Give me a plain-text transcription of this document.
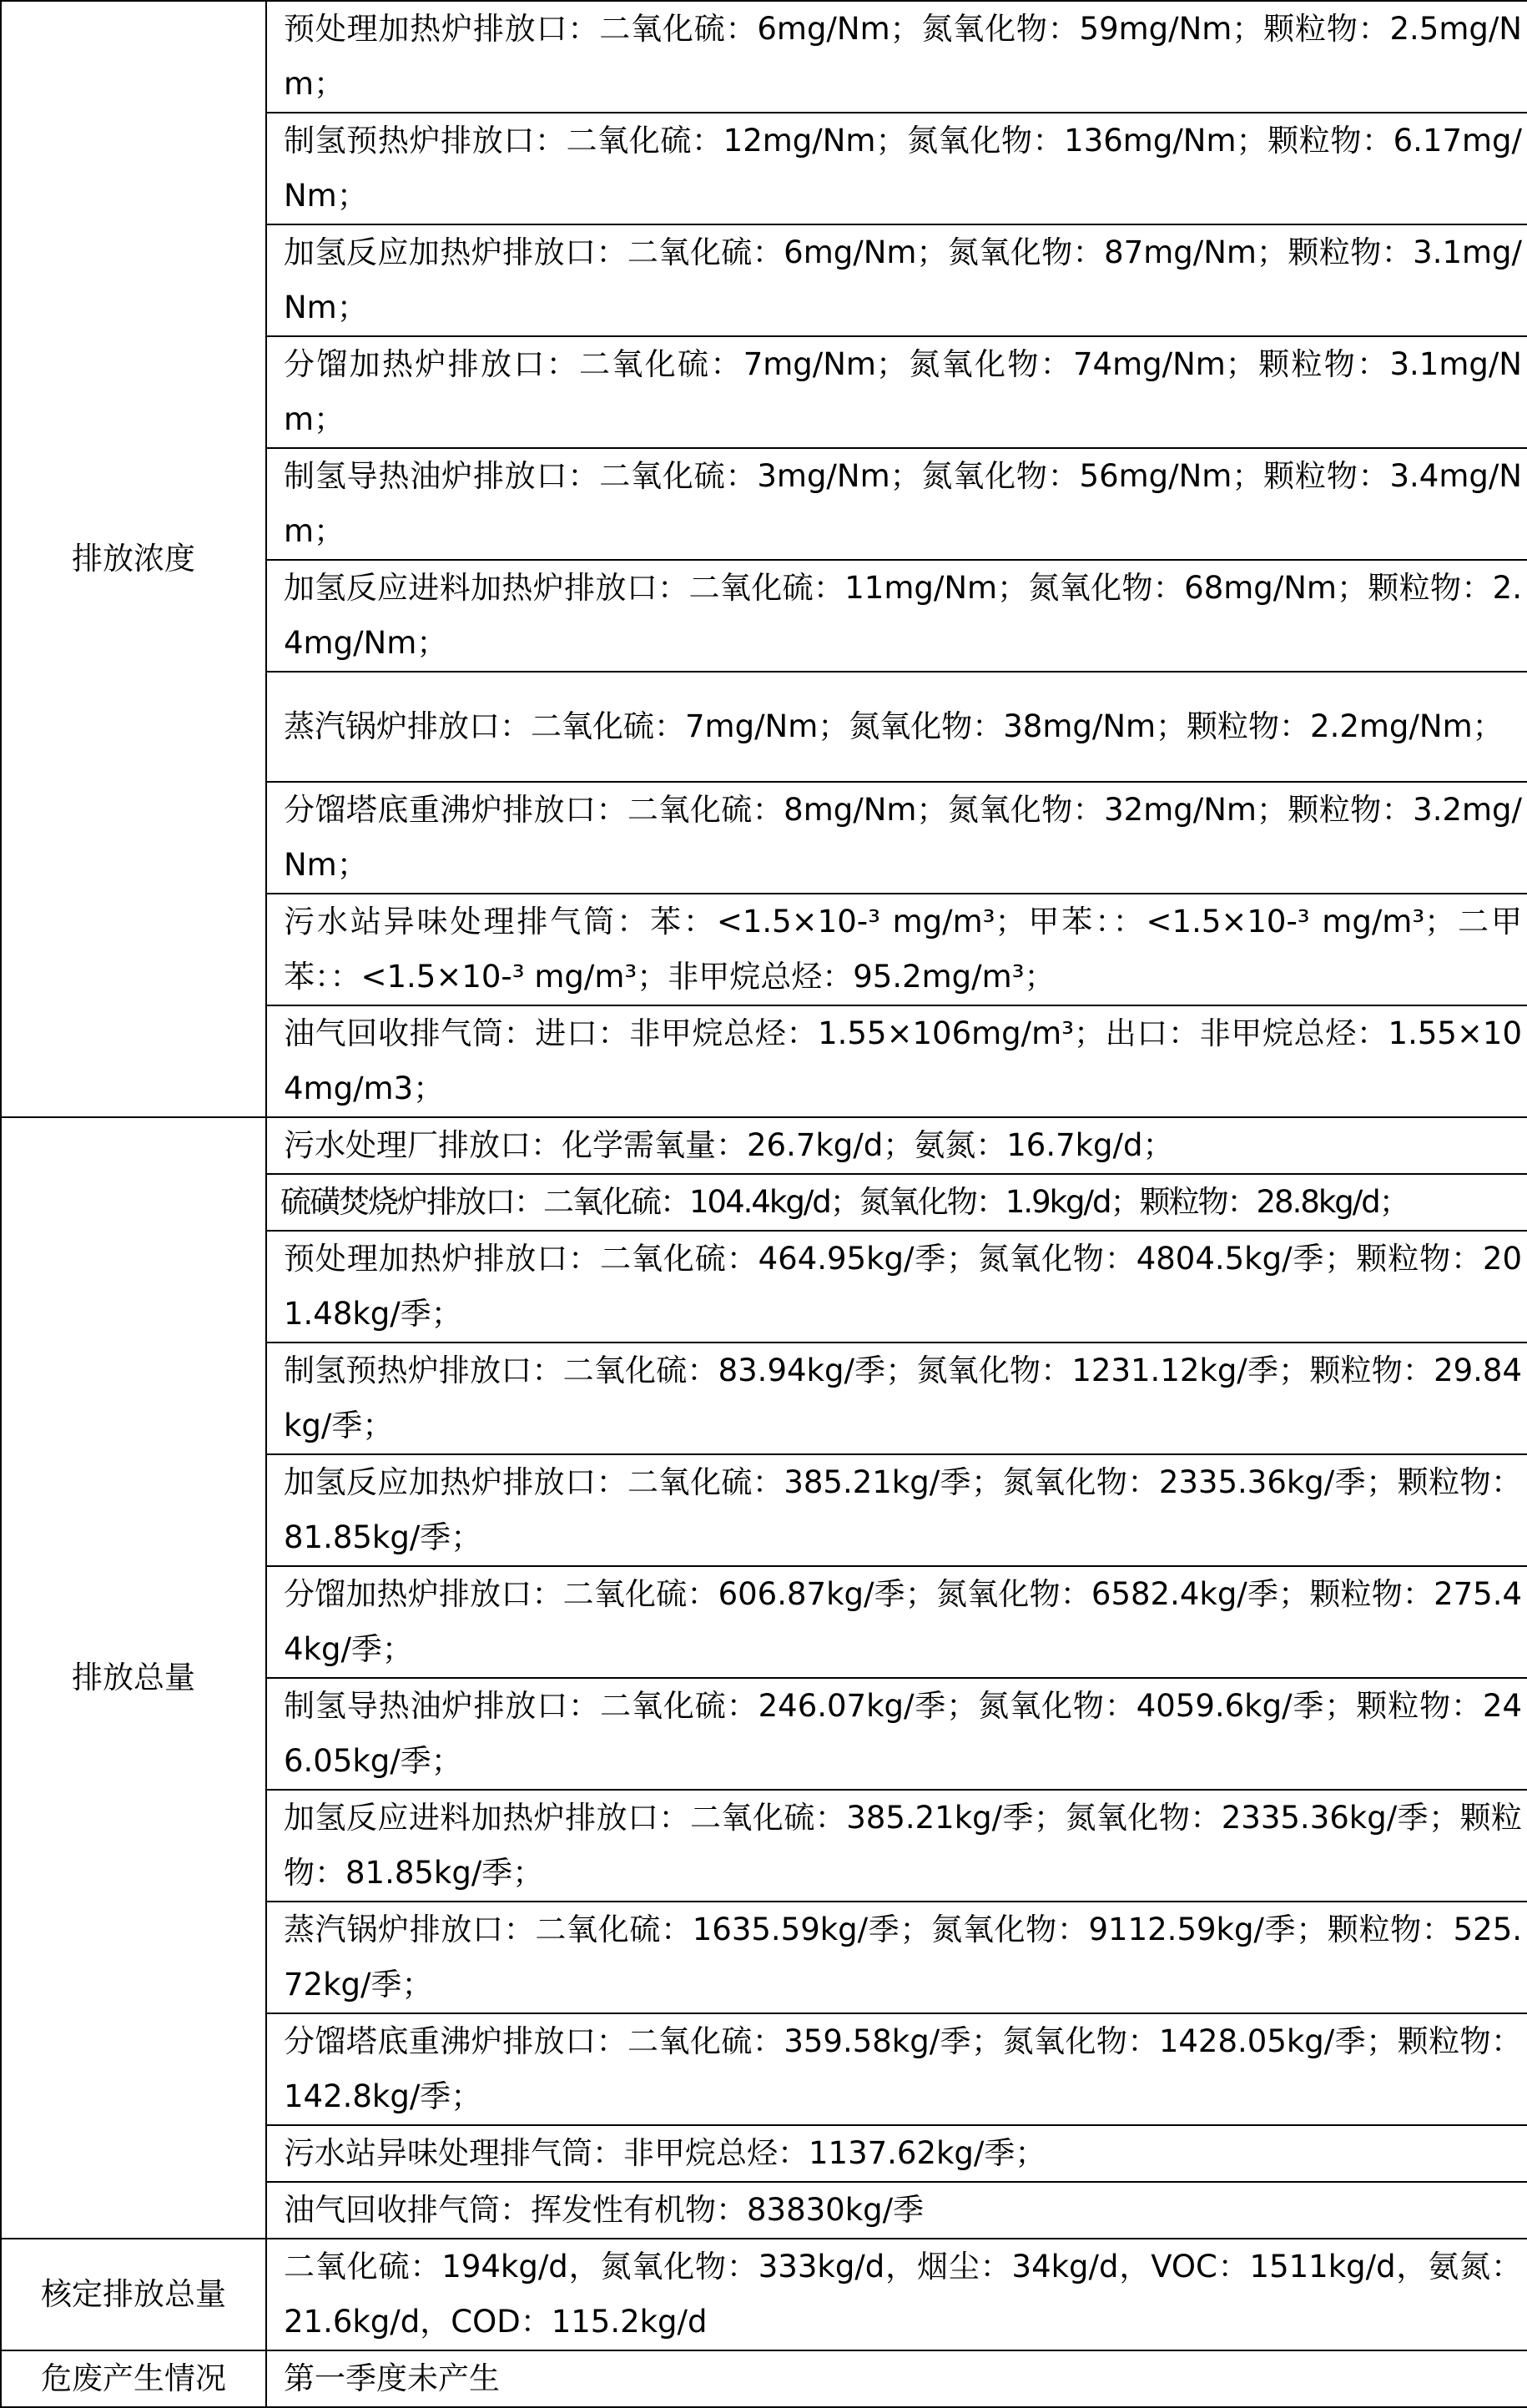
排放浓度	预处理加热炉排放口：二氧化硫：6mg/Nm；氮氧化物：59mg/Nm；颗粒物：2.5mg/Nm；
	制氢预热炉排放口：二氧化硫：12mg/Nm；氮氧化物：136mg/Nm；颗粒物：6.17mg/Nm；
	加氢反应加热炉排放口：二氧化硫：6mg/Nm；氮氧化物：87mg/Nm；颗粒物：3.1mg/Nm；
	分馏加热炉排放口：二氧化硫：7mg/Nm；氮氧化物：74mg/Nm；颗粒物：3.1mg/Nm；
	制氢导热油炉排放口：二氧化硫：3mg/Nm；氮氧化物：56mg/Nm；颗粒物：3.4mg/Nm；
	加氢反应进料加热炉排放口：二氧化硫：11mg/Nm；氮氧化物：68mg/Nm；颗粒物：2.4mg/Nm；
	蒸汽锅炉排放口：二氧化硫：7mg/Nm；氮氧化物：38mg/Nm；颗粒物：2.2mg/Nm；
	分馏塔底重沸炉排放口：二氧化硫：8mg/Nm；氮氧化物：32mg/Nm；颗粒物：3.2mg/Nm；
	污水站异味处理排气筒：苯：<1.5×10-³ mg/m³；甲苯：：<1.5×10-³ mg/m³；二甲苯：：<1.5×10-³ mg/m³；非甲烷总烃：95.2mg/m³；
	油气回收排气筒：进口：非甲烷总烃：1.55×106mg/m³；出口：非甲烷总烃：1.55×104mg/m3；
排放总量	污水处理厂排放口：化学需氧量：26.7kg/d；氨氮：16.7kg/d；
	硫磺焚烧炉排放口：二氧化硫：104.4kg/d；氮氧化物：1.9kg/d；颗粒物：28.8kg/d；
	预处理加热炉排放口：二氧化硫：464.95kg/季；氮氧化物：4804.5kg/季；颗粒物：201.48kg/季；
	制氢预热炉排放口：二氧化硫：83.94kg/季；氮氧化物：1231.12kg/季；颗粒物：29.84kg/季；
	加氢反应加热炉排放口：二氧化硫：385.21kg/季；氮氧化物：2335.36kg/季；颗粒物：81.85kg/季；
	分馏加热炉排放口：二氧化硫：606.87kg/季；氮氧化物：6582.4kg/季；颗粒物：275.44kg/季；
	制氢导热油炉排放口：二氧化硫：246.07kg/季；氮氧化物：4059.6kg/季；颗粒物：246.05kg/季；
	加氢反应进料加热炉排放口：二氧化硫：385.21kg/季；氮氧化物：2335.36kg/季；颗粒物：81.85kg/季；
	蒸汽锅炉排放口：二氧化硫：1635.59kg/季；氮氧化物：9112.59kg/季；颗粒物：525.72kg/季；
	分馏塔底重沸炉排放口：二氧化硫：359.58kg/季；氮氧化物：1428.05kg/季；颗粒物：142.8kg/季；
	污水站异味处理排气筒：非甲烷总烃：1137.62kg/季；
	油气回收排气筒：挥发性有机物：83830kg/季
核定排放总量	二氧化硫：194kg/d，氮氧化物：333kg/d，烟尘：34kg/d，VOC：1511kg/d，氨氮：21.6kg/d，COD：115.2kg/d
危废产生情况	第一季度未产生
